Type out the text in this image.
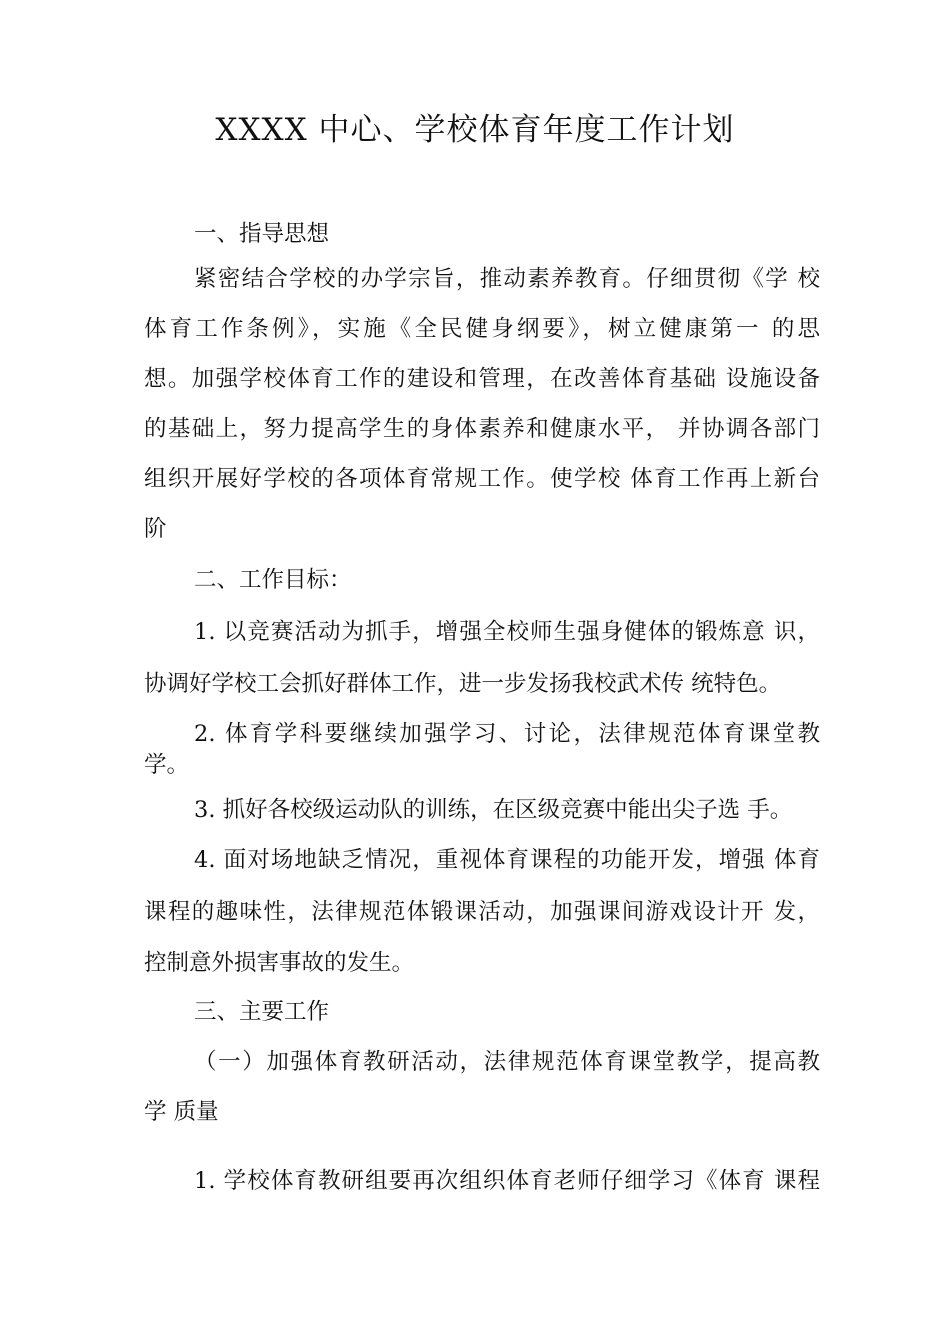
XXXX 中心、学校体育年度工作计划
一、指导思想
紧密结合学校的办学宗旨，推动素养教育。仔细贯彻《学 校
体育工作条例》，实施《全民健身纲要》，树立健康第一 的思
想。加强学校体育工作的建设和管理，在改善体育基础 设施设备
的基础上，努力提高学生的身体素养和健康水平， 并协调各部门
组织开展好学校的各项体育常规工作。使学校 体育工作再上新台
阶
二、工作目标：
1. 以竞赛活动为抓手，增强全校师生强身健体的锻炼意 识，
协调好学校工会抓好群体工作，进一步发扬我校武术传 统特色。
2. 体育学科要继续加强学习、讨论，法律规范体育课堂教
学。
3. 抓好各校级运动队的训练，在区级竞赛中能出尖子选 手。
4. 面对场地缺乏情况，重视体育课程的功能开发，增强 体育
课程的趣味性，法律规范体锻课活动，加强课间游戏设计开 发，
控制意外损害事故的发生。
三、主要工作
（一）加强体育教研活动，法律规范体育课堂教学，提高教
学 质量
1. 学校体育教研组要再次组织体育老师仔细学习《体育 课程
